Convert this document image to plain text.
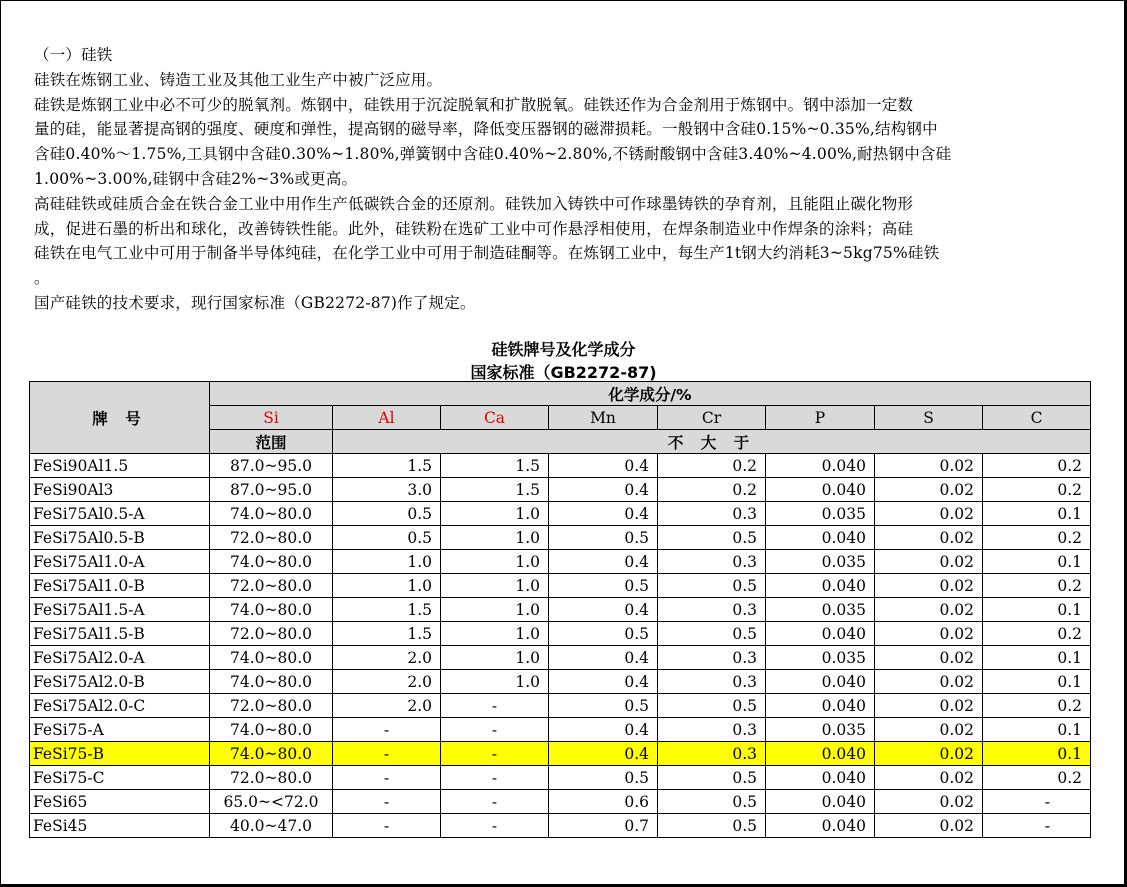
（一）硅铁

硅铁在炼钢工业、铸造工业及其他工业生产中被广泛应用。

硅铁是炼钢工业中必不可少的脱氧剂。炼钢中，硅铁用于沉淀脱氧和扩散脱氧。硅铁还作为合金剂用于炼钢中。钢中添加一定数

量的硅，能显著提高钢的强度、硬度和弹性，提高钢的磁导率，降低变压器钢的磁滞损耗。一般钢中含硅0.15%~0.35%,结构钢中

含硅0.40%～1.75%,工具钢中含硅0.30%~1.80%,弹簧钢中含硅0.40%~2.80%,不锈耐酸钢中含硅3.40%~4.00%,耐热钢中含硅

1.00%~3.00%,硅钢中含硅2%~3%或更高。

高硅硅铁或硅质合金在铁合金工业中用作生产低碳铁合金的还原剂。硅铁加入铸铁中可作球墨铸铁的孕育剂，且能阻止碳化物形

成，促进石墨的析出和球化，改善铸铁性能。此外，硅铁粉在选矿工业中可作悬浮相使用，在焊条制造业中作焊条的涂料；高硅

硅铁在电气工业中可用于制备半导体纯硅，在化学工业中可用于制造硅酮等。在炼钢工业中，每生产1t钢大约消耗3~5kg75%硅铁

。

国产硅铁的技术要求，现行国家标准（GB2272-87)作了规定。

硅铁牌号及化学成分
国家标准（GB2272-87)
牌 号	化学成分/%							
	Si	Al	Ca	Mn	Cr	P	S	C
	范围	不 大 于						
FeSi90Al1.5	87.0~95.0	1.5	1.5	0.4	0.2	0.040	0.02	0.2
FeSi90Al3	87.0~95.0	3.0	1.5	0.4	0.2	0.040	0.02	0.2
FeSi75Al0.5-A	74.0~80.0	0.5	1.0	0.4	0.3	0.035	0.02	0.1
FeSi75Al0.5-B	72.0~80.0	0.5	1.0	0.5	0.5	0.040	0.02	0.2
FeSi75Al1.0-A	74.0~80.0	1.0	1.0	0.4	0.3	0.035	0.02	0.1
FeSi75Al1.0-B	72.0~80.0	1.0	1.0	0.5	0.5	0.040	0.02	0.2
FeSi75Al1.5-A	74.0~80.0	1.5	1.0	0.4	0.3	0.035	0.02	0.1
FeSi75Al1.5-B	72.0~80.0	1.5	1.0	0.5	0.5	0.040	0.02	0.2
FeSi75Al2.0-A	74.0~80.0	2.0	1.0	0.4	0.3	0.035	0.02	0.1
FeSi75Al2.0-B	74.0~80.0	2.0	1.0	0.4	0.3	0.040	0.02	0.1
FeSi75Al2.0-C	72.0~80.0	2.0	-	0.5	0.5	0.040	0.02	0.2
FeSi75-A	74.0~80.0	-	-	0.4	0.3	0.035	0.02	0.1
FeSi75-B	74.0~80.0	-	-	0.4	0.3	0.040	0.02	0.1
FeSi75-C	72.0~80.0	-	-	0.5	0.5	0.040	0.02	0.2
FeSi65	65.0~<72.0	-	-	0.6	0.5	0.040	0.02	-
FeSi45	40.0~47.0	-	-	0.7	0.5	0.040	0.02	-
